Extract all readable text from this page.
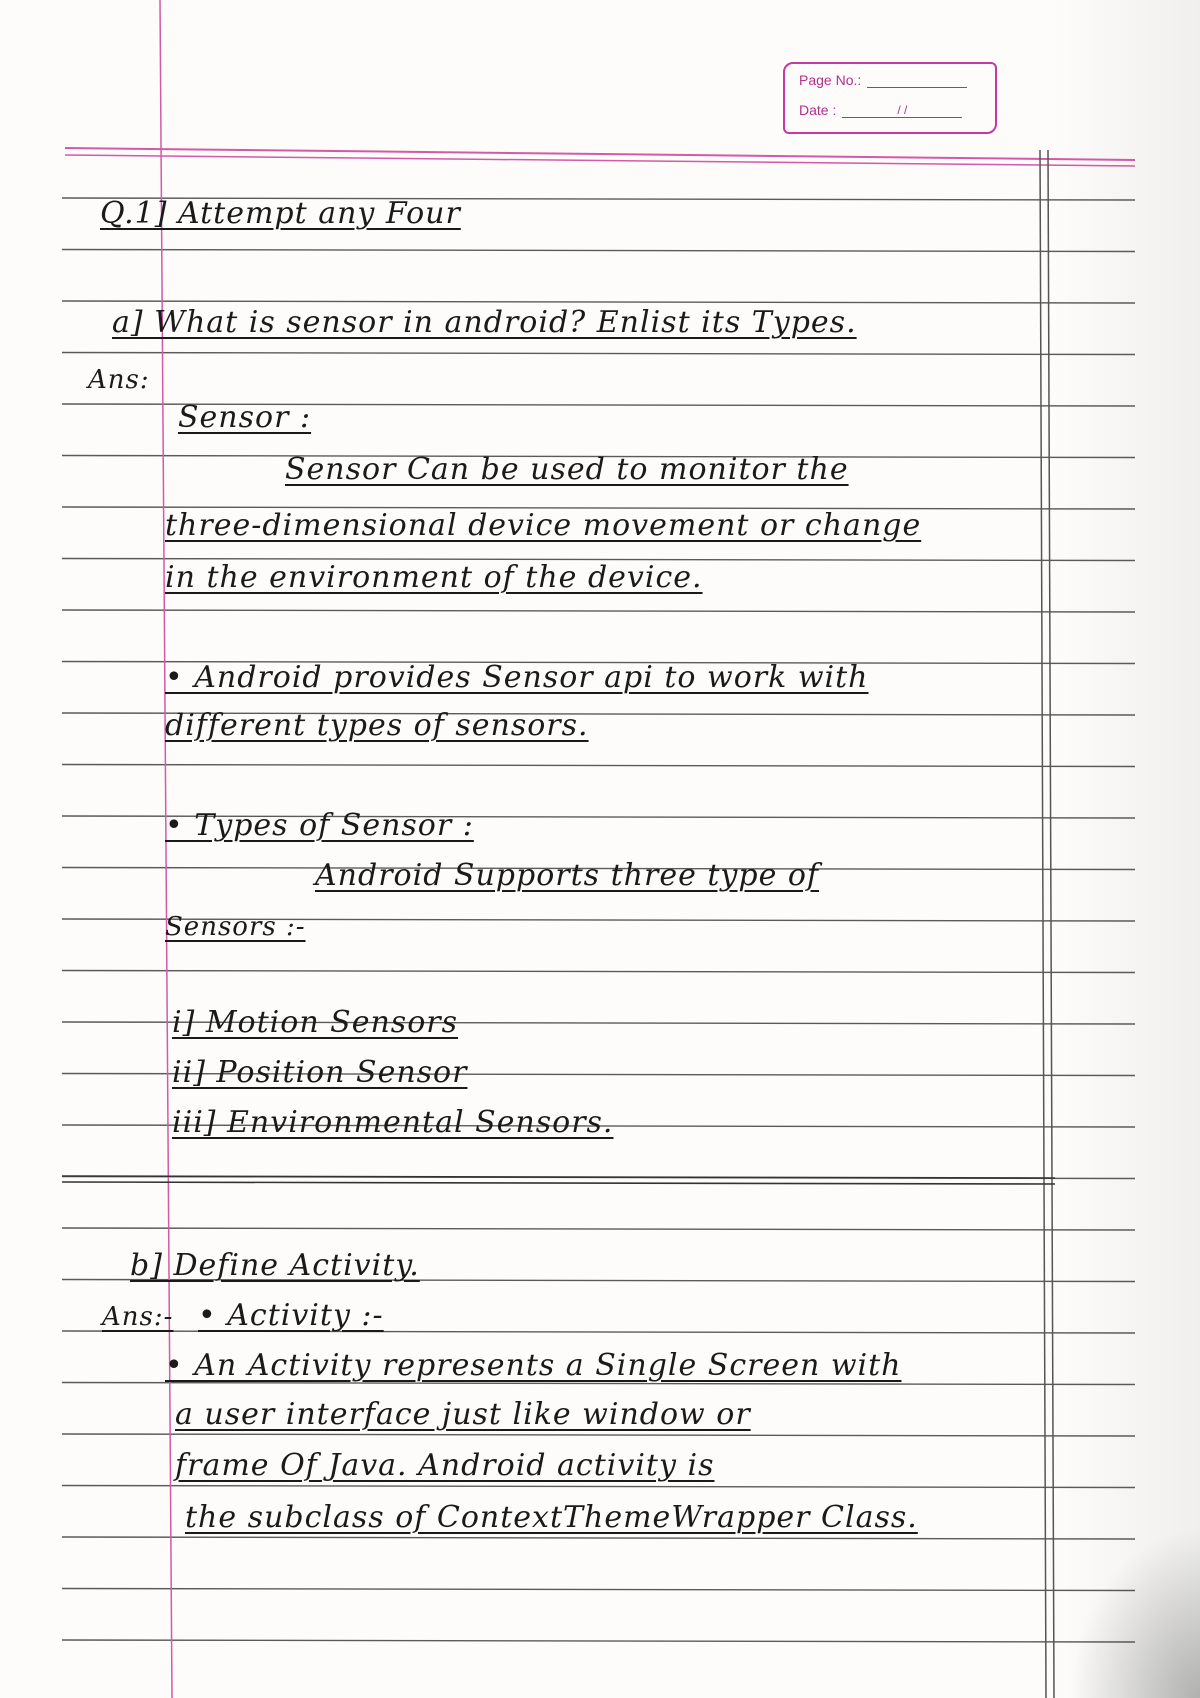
Page No.:
Date :	/ /
Q.1] Attempt any Four
a] What is sensor in android? Enlist its Types.
Ans:
Sensor :
Sensor Can be used to monitor the
three-dimensional device movement or change
in the environment of the device.
• Android provides Sensor api to work with
different types of sensors.
• Types of Sensor :
Android Supports three type of
Sensors :-
i] Motion Sensors
ii] Position Sensor
iii] Environmental Sensors.
b] Define Activity.
Ans:- • Activity :-
• An Activity represents a Single Screen with
a user interface just like window or
frame Of Java. Android activity is
the subclass of ContextThemeWrapper Class.
